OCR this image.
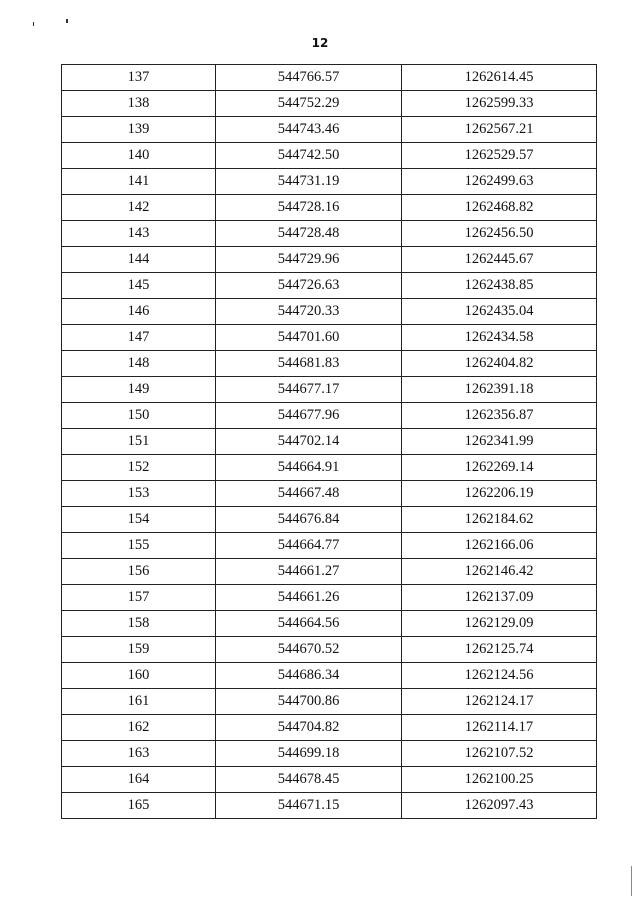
12
137	544766.57	1262614.45
138	544752.29	1262599.33
139	544743.46	1262567.21
140	544742.50	1262529.57
141	544731.19	1262499.63
142	544728.16	1262468.82
143	544728.48	1262456.50
144	544729.96	1262445.67
145	544726.63	1262438.85
146	544720.33	1262435.04
147	544701.60	1262434.58
148	544681.83	1262404.82
149	544677.17	1262391.18
150	544677.96	1262356.87
151	544702.14	1262341.99
152	544664.91	1262269.14
153	544667.48	1262206.19
154	544676.84	1262184.62
155	544664.77	1262166.06
156	544661.27	1262146.42
157	544661.26	1262137.09
158	544664.56	1262129.09
159	544670.52	1262125.74
160	544686.34	1262124.56
161	544700.86	1262124.17
162	544704.82	1262114.17
163	544699.18	1262107.52
164	544678.45	1262100.25
165	544671.15	1262097.43
